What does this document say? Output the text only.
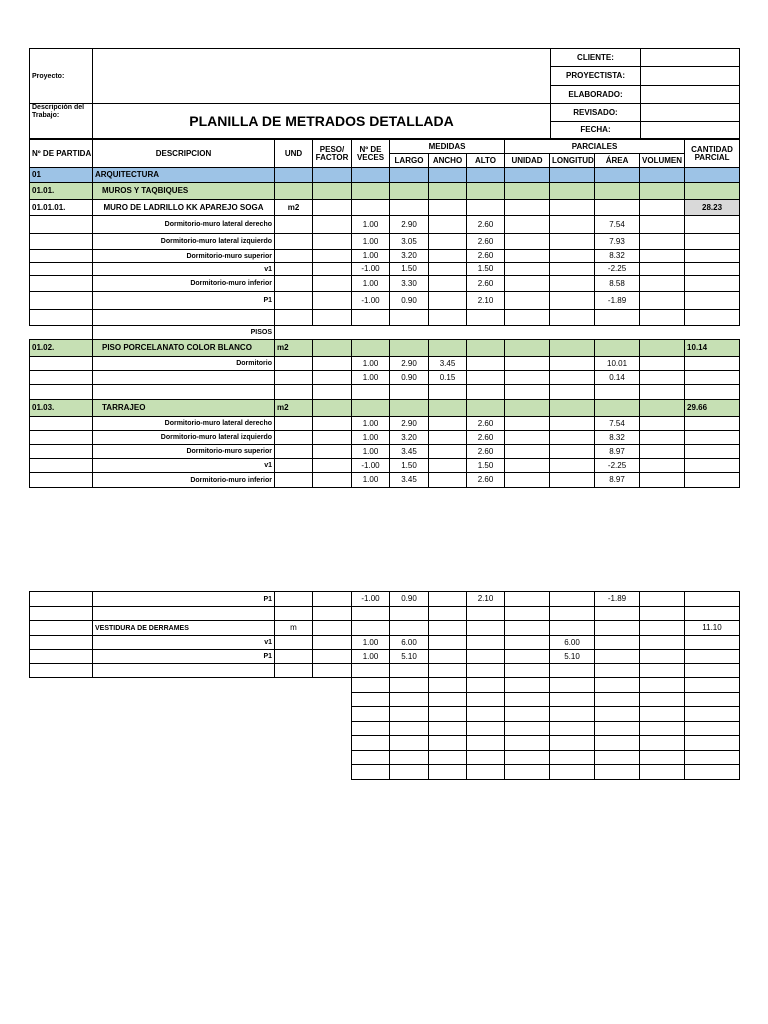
Proyecto:		CLIENTE:	
		PROYECTISTA:	
		ELABORADO:	
Descripción del Trabajo:	PLANILLA DE METRADOS DETALLADA	REVISADO:	
		FECHA:	
Nº DE PARTIDA	DESCRIPCION	UND	PESO/ FACTOR	Nº DE VECES	MEDIDAS			PARCIALES				CANTIDAD PARCIAL
					LARGO	ANCHO	ALTO	UNIDAD	LONGITUD	ÁREA	VOLUMEN	
01	ARQUITECTURA											
01.01.	MUROS Y TAQBIQUES											
01.01.01.	MURO DE LADRILLO KK APAREJO SOGA	m2										28.23
	Dormitorio-muro lateral derecho			1.00	2.90		2.60			7.54		
	Dormitorio-muro lateral izquierdo			1.00	3.05		2.60			7.93		
	Dormitorio-muro superior			1.00	3.20		2.60			8.32		
	v1			-1.00	1.50		1.50			-2.25		
	Dormitorio-muro inferior			1.00	3.30		2.60			8.58		
	P1			-1.00	0.90		2.10			-1.89		

	PISOS											
01.02.	PISO PORCELANATO COLOR BLANCO	m2										10.14
	Dormitorio			1.00	2.90	3.45				10.01		
				1.00	0.90	0.15				0.14		

01.03.	TARRAJEO	m2										29.66
	Dormitorio-muro lateral derecho			1.00	2.90		2.60			7.54		
	Dormitorio-muro lateral izquierdo			1.00	3.20		2.60			8.32		
	Dormitorio-muro superior			1.00	3.45		2.60			8.97		
	v1			-1.00	1.50		1.50			-2.25		
	Dormitorio-muro inferior			1.00	3.45		2.60			8.97		
	P1			-1.00	0.90		2.10			-1.89		

	VESTIDURA DE DERRAMES	m										11.10
	v1			1.00	6.00				6.00			
	P1			1.00	5.10				5.10			
